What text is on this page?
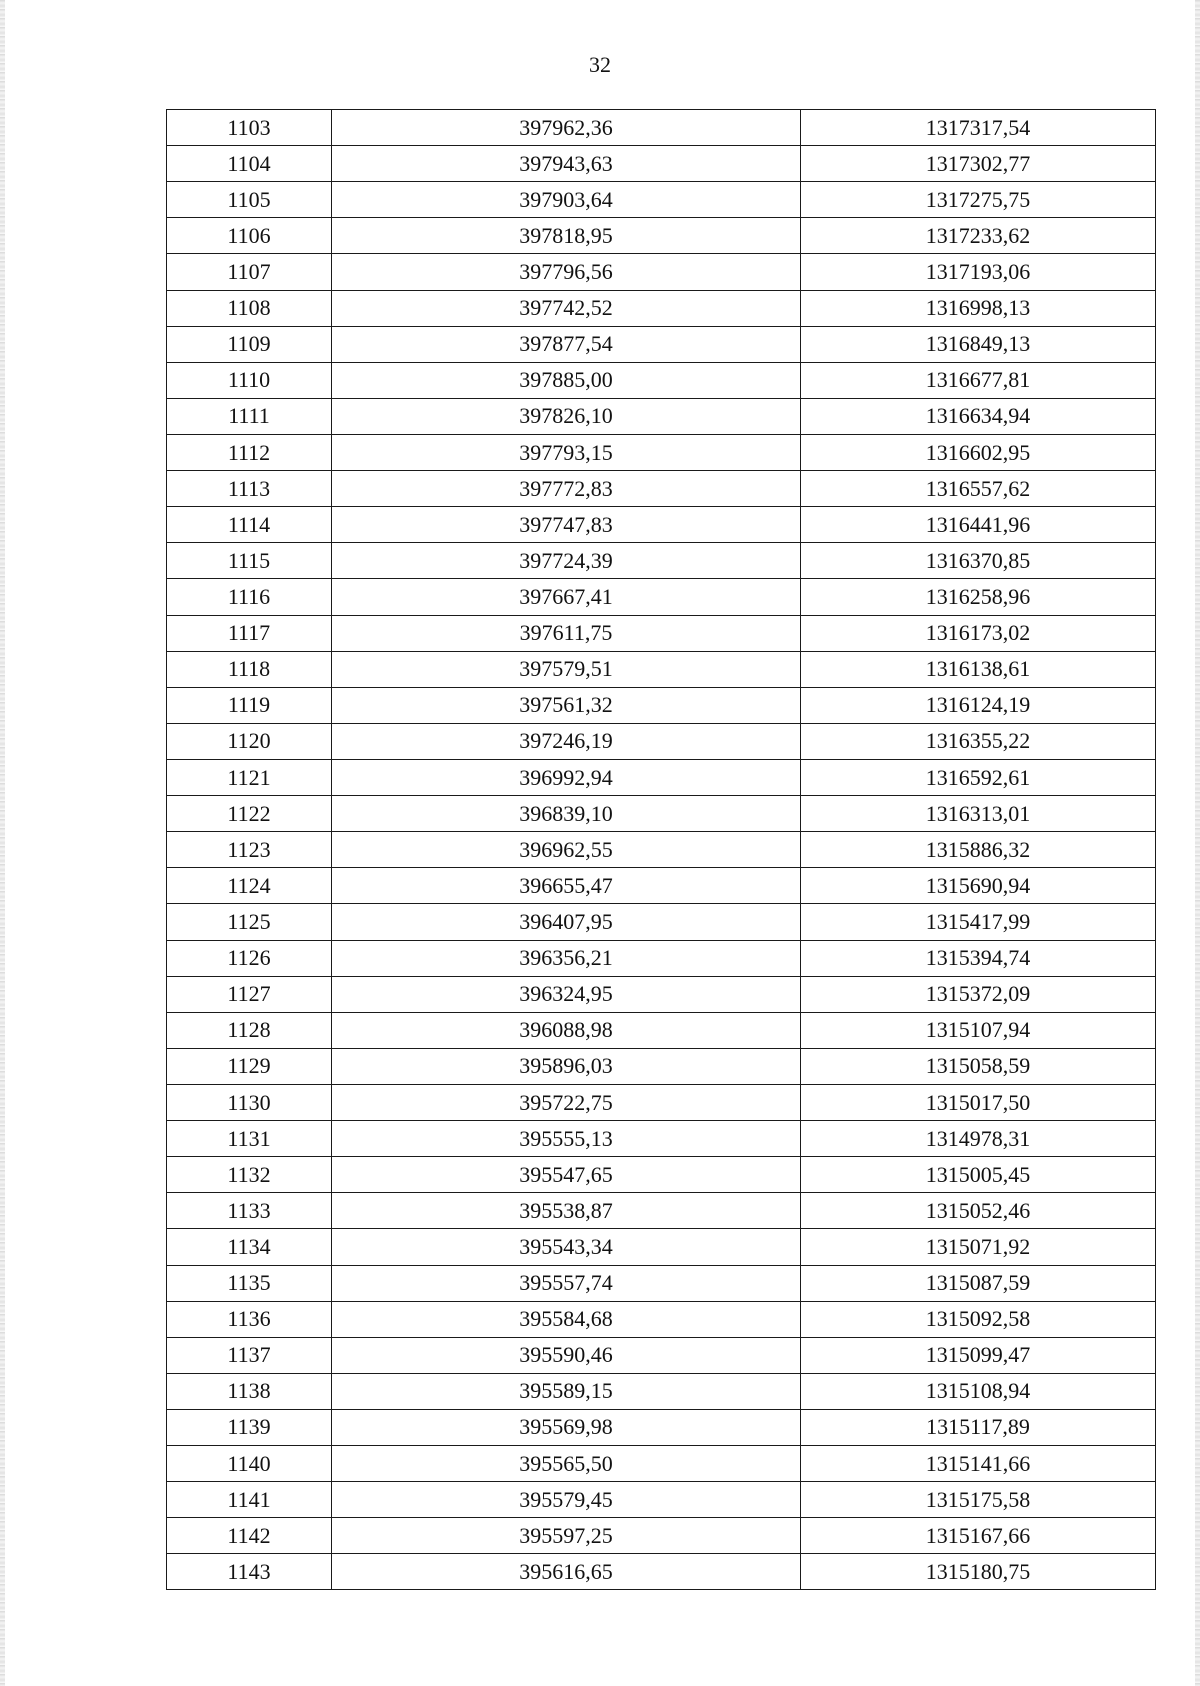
32
1103	397962,36	1317317,54
1104	397943,63	1317302,77
1105	397903,64	1317275,75
1106	397818,95	1317233,62
1107	397796,56	1317193,06
1108	397742,52	1316998,13
1109	397877,54	1316849,13
1110	397885,00	1316677,81
1111	397826,10	1316634,94
1112	397793,15	1316602,95
1113	397772,83	1316557,62
1114	397747,83	1316441,96
1115	397724,39	1316370,85
1116	397667,41	1316258,96
1117	397611,75	1316173,02
1118	397579,51	1316138,61
1119	397561,32	1316124,19
1120	397246,19	1316355,22
1121	396992,94	1316592,61
1122	396839,10	1316313,01
1123	396962,55	1315886,32
1124	396655,47	1315690,94
1125	396407,95	1315417,99
1126	396356,21	1315394,74
1127	396324,95	1315372,09
1128	396088,98	1315107,94
1129	395896,03	1315058,59
1130	395722,75	1315017,50
1131	395555,13	1314978,31
1132	395547,65	1315005,45
1133	395538,87	1315052,46
1134	395543,34	1315071,92
1135	395557,74	1315087,59
1136	395584,68	1315092,58
1137	395590,46	1315099,47
1138	395589,15	1315108,94
1139	395569,98	1315117,89
1140	395565,50	1315141,66
1141	395579,45	1315175,58
1142	395597,25	1315167,66
1143	395616,65	1315180,75
